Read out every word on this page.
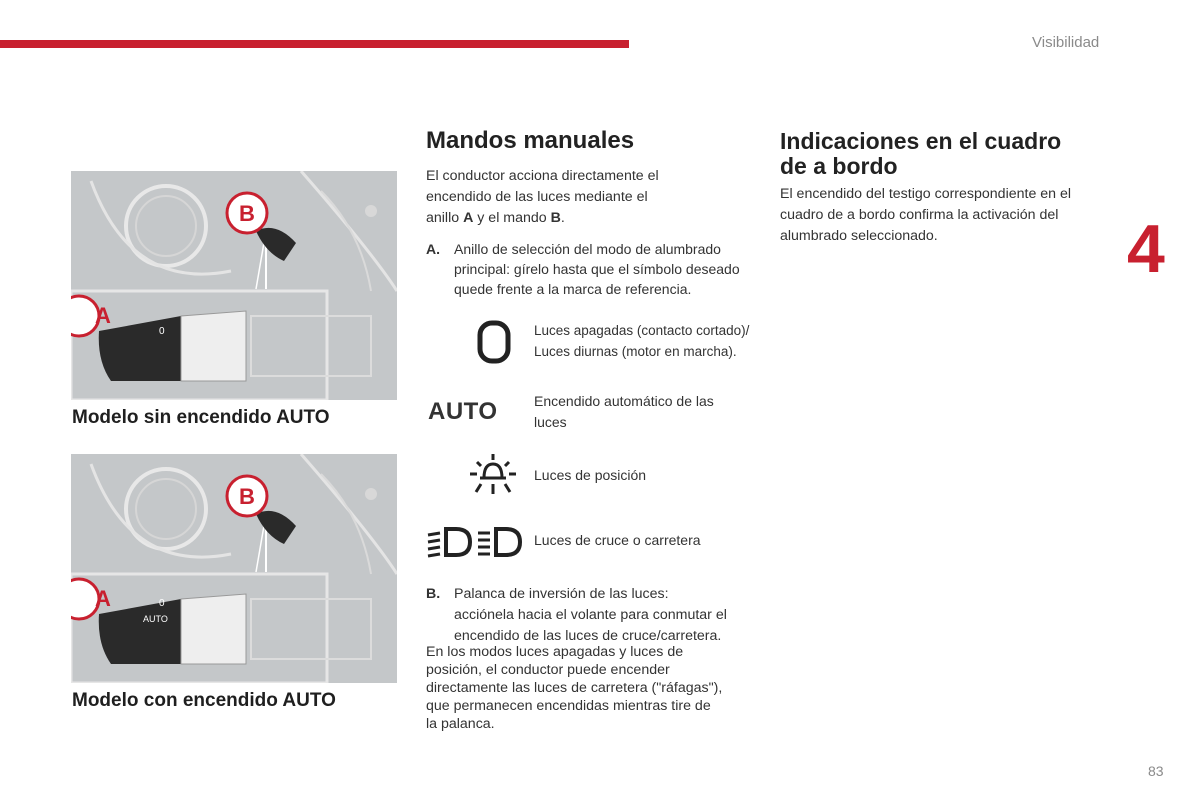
Visibilidad
4
83
A
B
0
Modelo sin encendido AUTO
A
B
0
AUTO
Modelo con encendido AUTO
Mandos manuales
El conductor acciona directamente el
encendido de las luces mediante el
anillo A y el mando B.
A. Anillo de selección del modo de alumbrado
principal: gírelo hasta que el símbolo deseado
quede frente a la marca de referencia.
Luces apagadas (contacto cortado)/
Luces diurnas (motor en marcha).
AUTO	Encendido automático de las
luces
Luces de posición
Luces de cruce o carretera
B. Palanca de inversión de las luces:
acciónela hacia el volante para conmutar el
encendido de las luces de cruce/carretera.
En los modos luces apagadas y luces de
posición, el conductor puede encender
directamente las luces de carretera ("ráfagas"),
que permanecen encendidas mientras tire de
la palanca.
Indicaciones en el cuadro
de a bordo
El encendido del testigo correspondiente en el
cuadro de a bordo confirma la activación del
alumbrado seleccionado.
